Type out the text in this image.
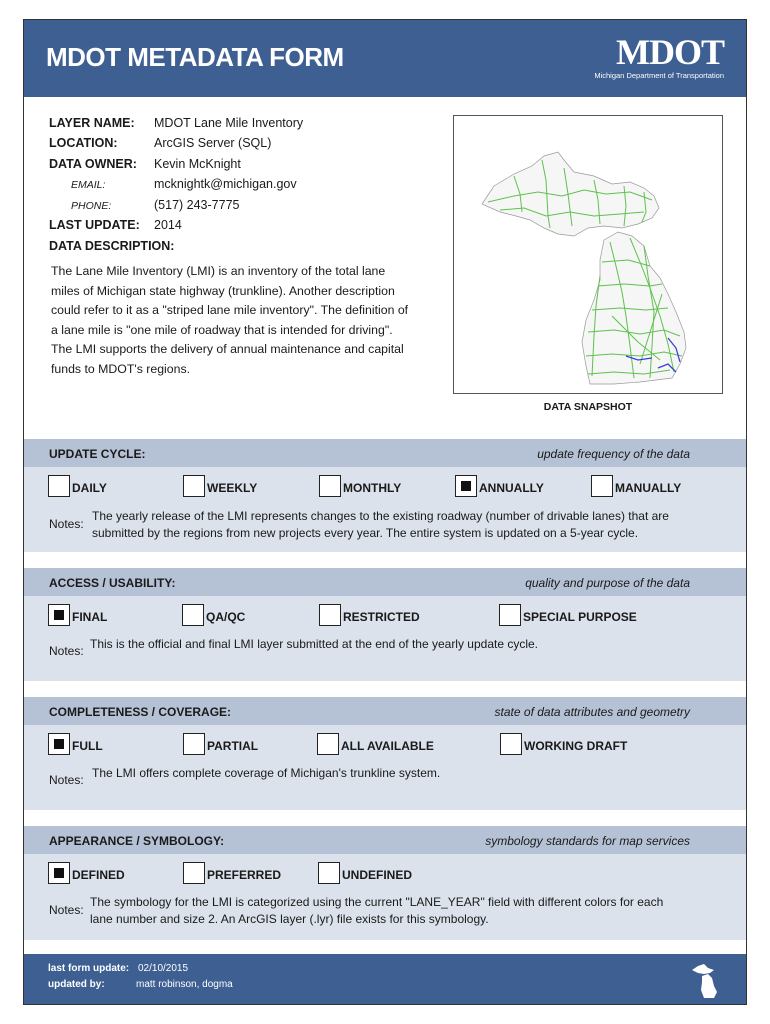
MDOT METADATA FORM	MDOT
Michigan Department of Transportation
LAYER NAME: MDOT Lane Mile Inventory
LOCATION:	ArcGIS Server (SQL)
DATA OWNER: Kevin McKnight
EMAIL:	mcknightk@michigan.gov
PHONE:	(517) 243-7775
LAST UPDATE: 2014
DATA DESCRIPTION:
The Lane Mile Inventory (LMI) is an inventory of the total lane
miles of Michigan state highway (trunkline). Another description
could refer to it as a "striped lane mile inventory". The definition of
a lane mile is "one mile of roadway that is intended for driving".
The LMI supports the delivery of annual maintenance and capital
funds to MDOT's regions.
DATA SNAPSHOT
UPDATE CYCLE:	update frequency of the data
DAILY	WEEKLY	MONTHLY	ANNUALLY	MANUALLY
Notes:
The yearly release of the LMI represents changes to the existing roadway (number of drivable lanes) that are
submitted by the regions from new projects every year. The entire system is updated on a 5-year cycle.
ACCESS / USABILITY:	quality and purpose of the data
FINAL	QA/QC	RESTRICTED	SPECIAL PURPOSE
Notes: This is the official and final LMI layer submitted at the end of the yearly update cycle.
COMPLETENESS / COVERAGE:	state of data attributes and geometry
FULL	PARTIAL	ALL AVAILABLE	WORKING DRAFT
Notes: The LMI offers complete coverage of Michigan's trunkline system.
APPEARANCE / SYMBOLOGY:	symbology standards for map services
DEFINED	PREFERRED	UNDEFINED
Notes:
The symbology for the LMI is categorized using the current "LANE_YEAR" field with different colors for each
lane number and size 2. An ArcGIS layer (.lyr) file exists for this symbology.
last form update: 02/10/2015
updated by:	matt robinson, dogma
